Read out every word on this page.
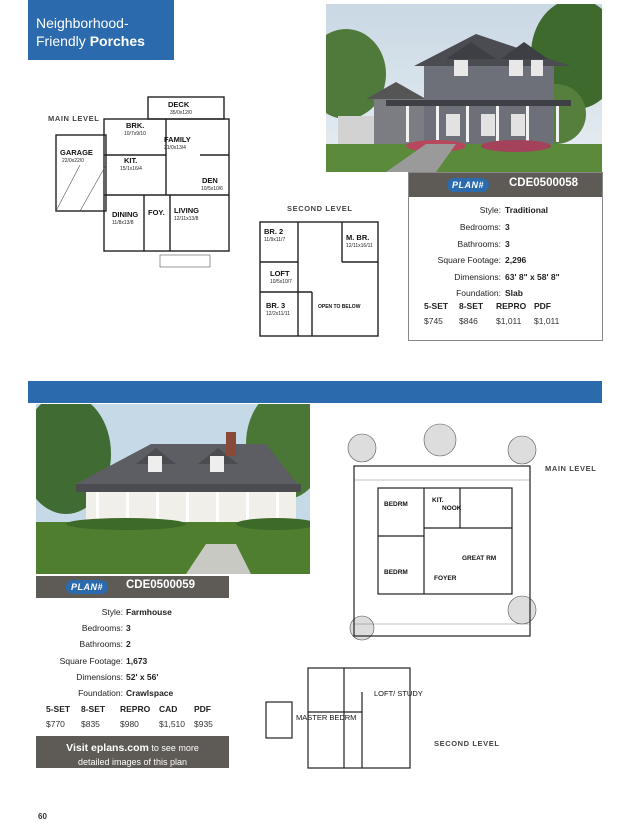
Neighborhood-
Friendly Porches
PLAN#	CDE0500058
Style: Traditional
Bedrooms: 3
Bathrooms: 3
Square Footage: 2,296
Dimensions: 63' 8" x 58' 8"
Foundation: Slab
5-SET 8-SET REPRO PDF
$745 $846 $1,011 $1,011
MAIN LEVEL
SECOND LEVEL
DECK
BRK.
FAMILY
GARAGE
KIT.
DEN
DINING FOY. LIVING
35/0x12/0
10/7x9/10
21/0x13/4
22/0x22/0
15/1x16/4
10/5x10/6
11/8x13/8
12/11x13/8
BR. 2
M. BR.
LOFT
BR. 3	OPEN TO BELOW
11/9x11/7
12/11x16/11
10/5x10/7
12/2x11/11
PLAN#	CDE0500059
Style: Farmhouse
Bedrooms: 3
Bathrooms: 2
Square Footage: 1,673
Dimensions: 52' x 56'
Foundation: Crawlspace
5-SET 8-SET REPRO CAD PDF
$770 $835 $980 $1,510 $935
Visit eplans.com to see more
detailed images of this plan
MAIN LEVEL
SECOND LEVEL
BEDRM
NOOK
KIT.
GREAT RM
BEDRM
FOYER
MASTER BEDRM
LOFT/ STUDY
60
